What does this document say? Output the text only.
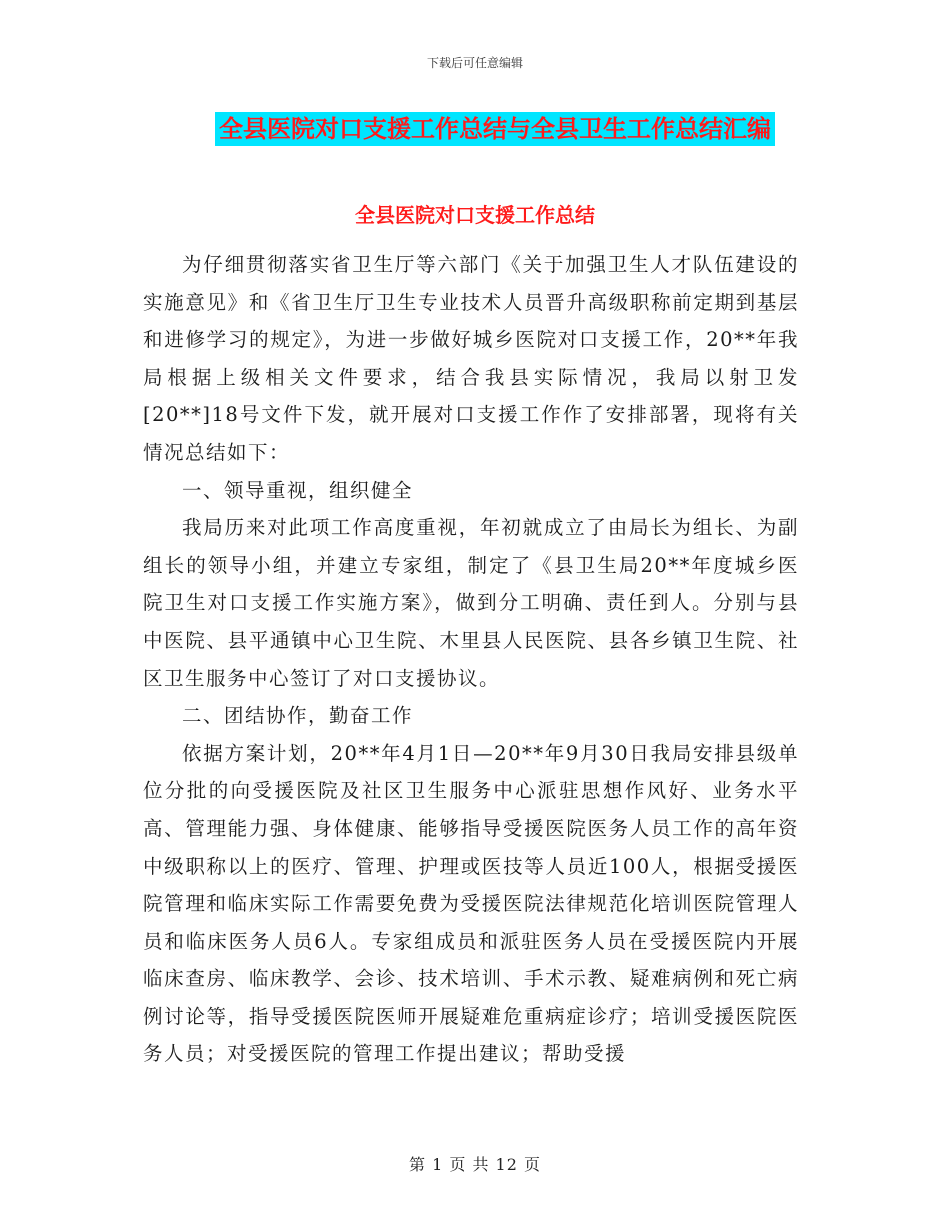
下载后可任意编辑
全县医院对口支援工作总结与全县卫生工作总结汇编
全县医院对口支援工作总结

为仔细贯彻落实省卫生厅等六部门《关于加强卫生人才队伍建设的实施意见》和《省卫生厅卫生专业技术人员晋升高级职称前定期到基层和进修学习的规定》，为进一步做好城乡医院对口支援工作，20**年我局根据上级相关文件要求，结合我县实际情况，我局以射卫发[20**]18号文件下发，就开展对口支援工作作了安排部署，现将有关情况总结如下：

一、领导重视，组织健全

我局历来对此项工作高度重视，年初就成立了由局长为组长、为副组长的领导小组，并建立专家组，制定了《县卫生局20**年度城乡医院卫生对口支援工作实施方案》，做到分工明确、责任到人。分别与县中医院、县平通镇中心卫生院、木里县人民医院、县各乡镇卫生院、社区卫生服务中心签订了对口支援协议。

二、团结协作，勤奋工作

依据方案计划，20**年4月1日—20**年9月30日我局安排县级单位分批的向受援医院及社区卫生服务中心派驻思想作风好、业务水平高、管理能力强、身体健康、能够指导受援医院医务人员工作的高年资中级职称以上的医疗、管理、护理或医技等人员近100人，根据受援医院管理和临床实际工作需要免费为受援医院法律规范化培训医院管理人员和临床医务人员6人。专家组成员和派驻医务人员在受援医院内开展临床查房、临床教学、会诊、技术培训、手术示教、疑难病例和死亡病例讨论等，指导受援医院医师开展疑难危重病症诊疗；培训受援医院医务人员；对受援医院的管理工作提出建议；帮助受援

第 1 页 共 12 页
